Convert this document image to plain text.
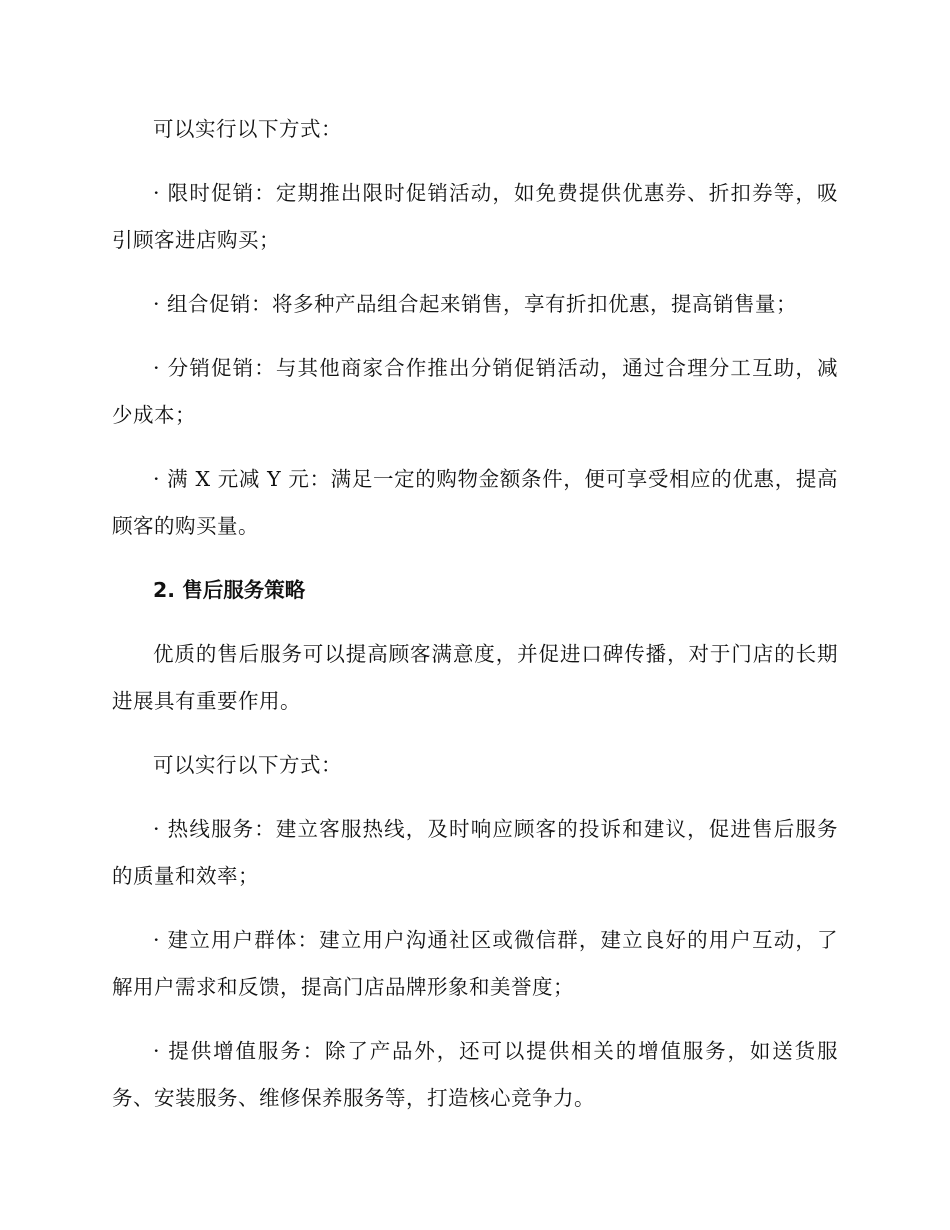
可以实行以下方式：

· 限时促销：定期推出限时促销活动，如免费提供优惠券、折扣券等，吸引顾客进店购买；

· 组合促销：将多种产品组合起来销售，享有折扣优惠，提高销售量；

· 分销促销：与其他商家合作推出分销促销活动，通过合理分工互助，减少成本；

· 满 X 元减 Y 元：满足一定的购物金额条件，便可享受相应的优惠，提高顾客的购买量。

2. 售后服务策略

优质的售后服务可以提高顾客满意度，并促进口碑传播，对于门店的长期进展具有重要作用。

可以实行以下方式：

· 热线服务：建立客服热线，及时响应顾客的投诉和建议，促进售后服务的质量和效率；

· 建立用户群体：建立用户沟通社区或微信群，建立良好的用户互动，了解用户需求和反馈，提高门店品牌形象和美誉度；

· 提供增值服务：除了产品外，还可以提供相关的增值服务，如送货服务、安装服务、维修保养服务等，打造核心竞争力。
